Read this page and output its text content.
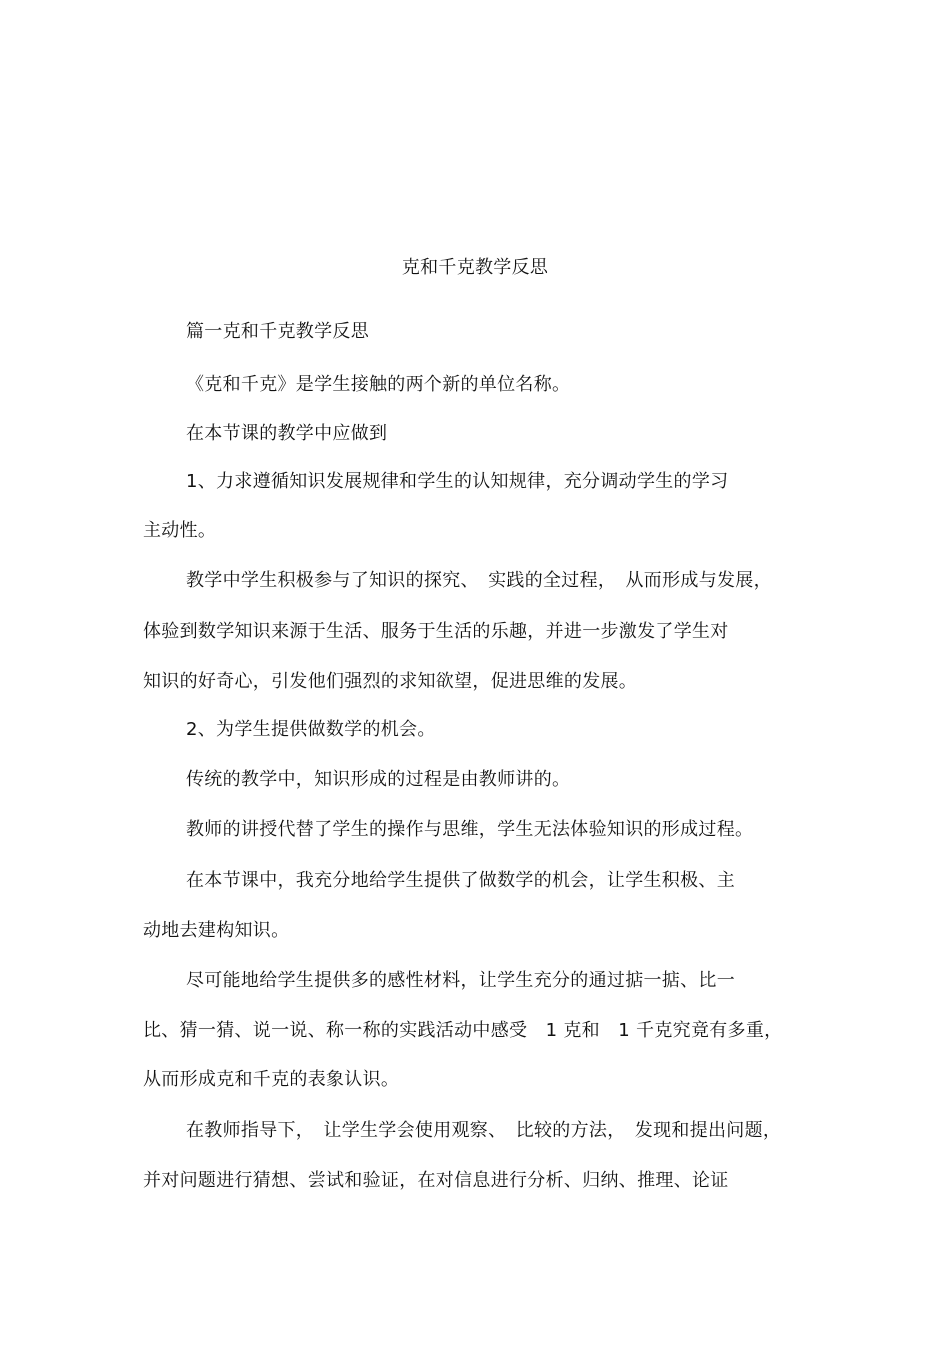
克和千克教学反思
篇一克和千克教学反思
《克和千克》是学生接触的两个新的单位名称。
在本节课的教学中应做到
1、力求遵循知识发展规律和学生的认知规律，充分调动学生的学习
主动性。
教学中学生积极参与了知识的探究、　实践的全过程，　从而形成与发展，
体验到数学知识来源于生活、服务于生活的乐趣，并进一步激发了学生对
知识的好奇心，引发他们强烈的求知欲望，促进思维的发展。
2、为学生提供做数学的机会。
传统的教学中，知识形成的过程是由教师讲的。
教师的讲授代替了学生的操作与思维，学生无法体验知识的形成过程。
在本节课中，我充分地给学生提供了做数学的机会，让学生积极、主
动地去建构知识。
尽可能地给学生提供多的感性材料，让学生充分的通过掂一掂、比一
比、猜一猜、说一说、称一称的实践活动中感受　1 克和　1 千克究竟有多重，
从而形成克和千克的表象认识。
在教师指导下，　让学生学会使用观察、　比较的方法，　发现和提出问题，
并对问题进行猜想、尝试和验证，在对信息进行分析、归纳、推理、论证
